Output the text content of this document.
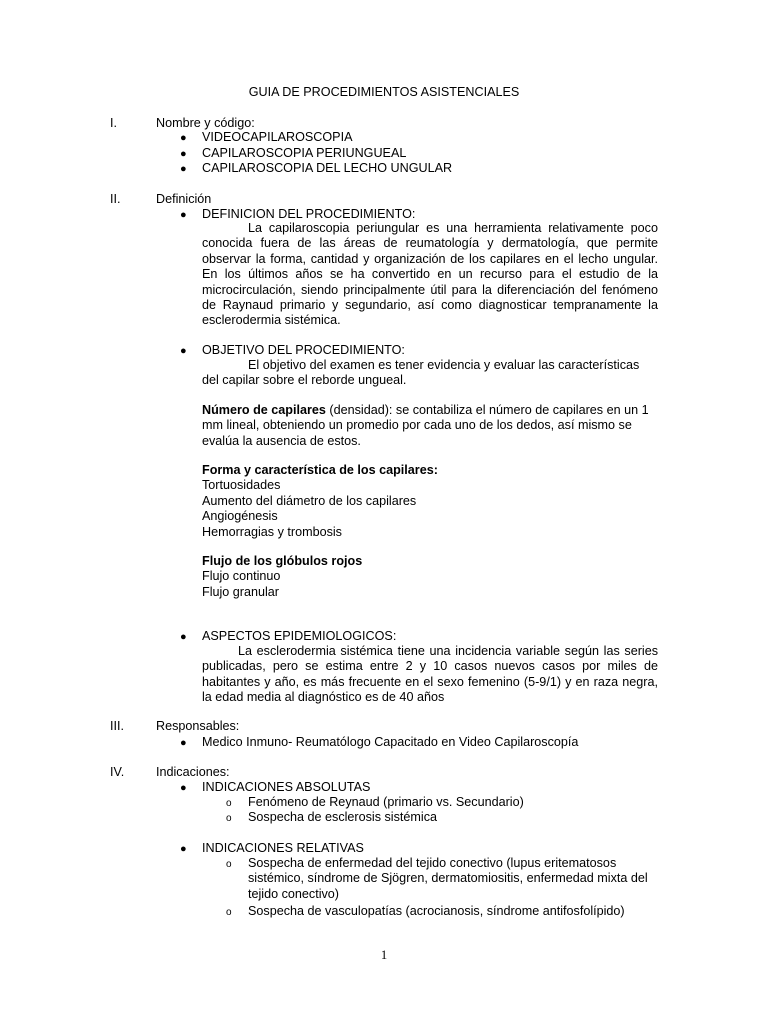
GUIA DE PROCEDIMIENTOS ASISTENCIALES
I.	Nombre y código:
● VIDEOCAPILAROSCOPIA
● CAPILAROSCOPIA PERIUNGUEAL
● CAPILAROSCOPIA DEL LECHO UNGULAR
II.	Definición
● DEFINICION DEL PROCEDIMIENTO:

La capilaroscopia periungular es una herramienta relativamente poco conocida fuera de las áreas de reumatología y dermatología, que permite observar la forma, cantidad y organización de los capilares en el lecho ungular. En los últimos años se ha convertido en un recurso para el estudio de la microcirculación, siendo principalmente útil para la diferenciación del fenómeno de Raynaud primario y segundario, así como diagnosticar tempranamente la esclerodermia sistémica.

● OBJETIVO DEL PROCEDIMIENTO:

El objetivo del examen es tener evidencia y evaluar las características del capilar sobre el reborde ungueal.

Número de capilares (densidad): se contabiliza el número de capilares en un 1 mm lineal, obteniendo un promedio por cada uno de los dedos, así mismo se evalúa la ausencia de estos.

Forma y característica de los capilares:
Tortuosidades
Aumento del diámetro de los capilares
Angiogénesis
Hemorragias y trombosis
Flujo de los glóbulos rojos
Flujo continuo
Flujo granular
● ASPECTOS EPIDEMIOLOGICOS:

La esclerodermia sistémica tiene una incidencia variable según las series publicadas, pero se estima entre 2 y 10 casos nuevos casos por miles de habitantes y año, es más frecuente en el sexo femenino (5-9/1) y en raza negra, la edad media al diagnóstico es de 40 años

III.	Responsables:
● Medico Inmuno- Reumatólogo Capacitado en Video Capilaroscopía
IV.	Indicaciones:
● INDICACIONES ABSOLUTAS
o Fenómeno de Reynaud (primario vs. Secundario)
o Sospecha de esclerosis sistémica
● INDICACIONES RELATIVAS
o Sospecha de enfermedad del tejido conectivo (lupus eritematosos sistémico, síndrome de Sjögren, dermatomiositis, enfermedad mixta del tejido conectivo)
o Sospecha de vasculopatías (acrocianosis, síndrome antifosfolípido)
1
